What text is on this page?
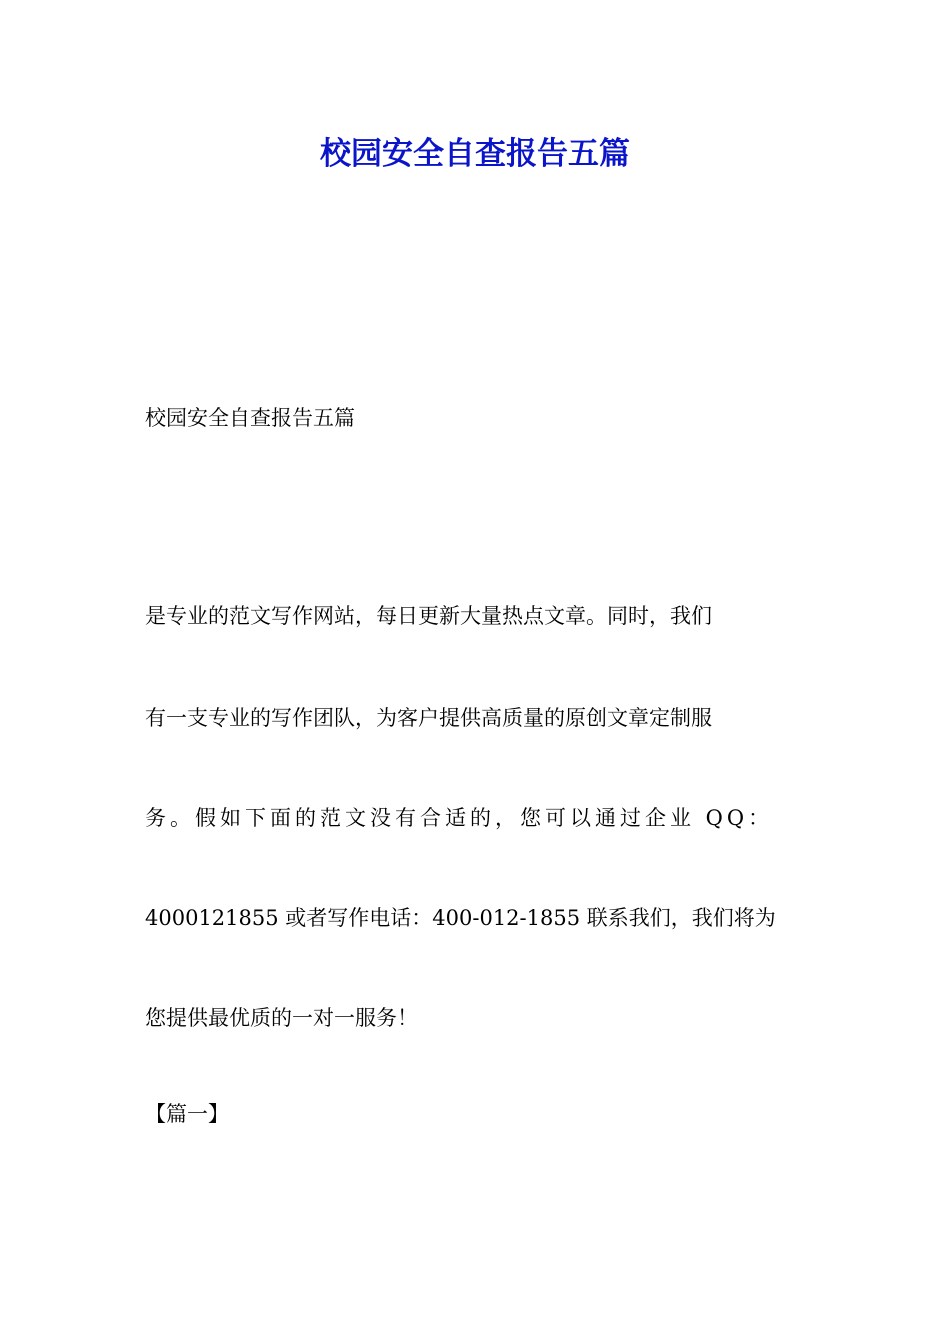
校园安全自查报告五篇
校园安全自查报告五篇
是专业的范文写作网站，每日更新大量热点文章。同时，我们
有一支专业的写作团队，为客户提供高质量的原创文章定制服
务。假如下面的范文没有合适的，您可以通过企业 QQ：
4000121855 或者写作电话：400-012-1855 联系我们，我们将为
您提供最优质的一对一服务！
【篇一】
